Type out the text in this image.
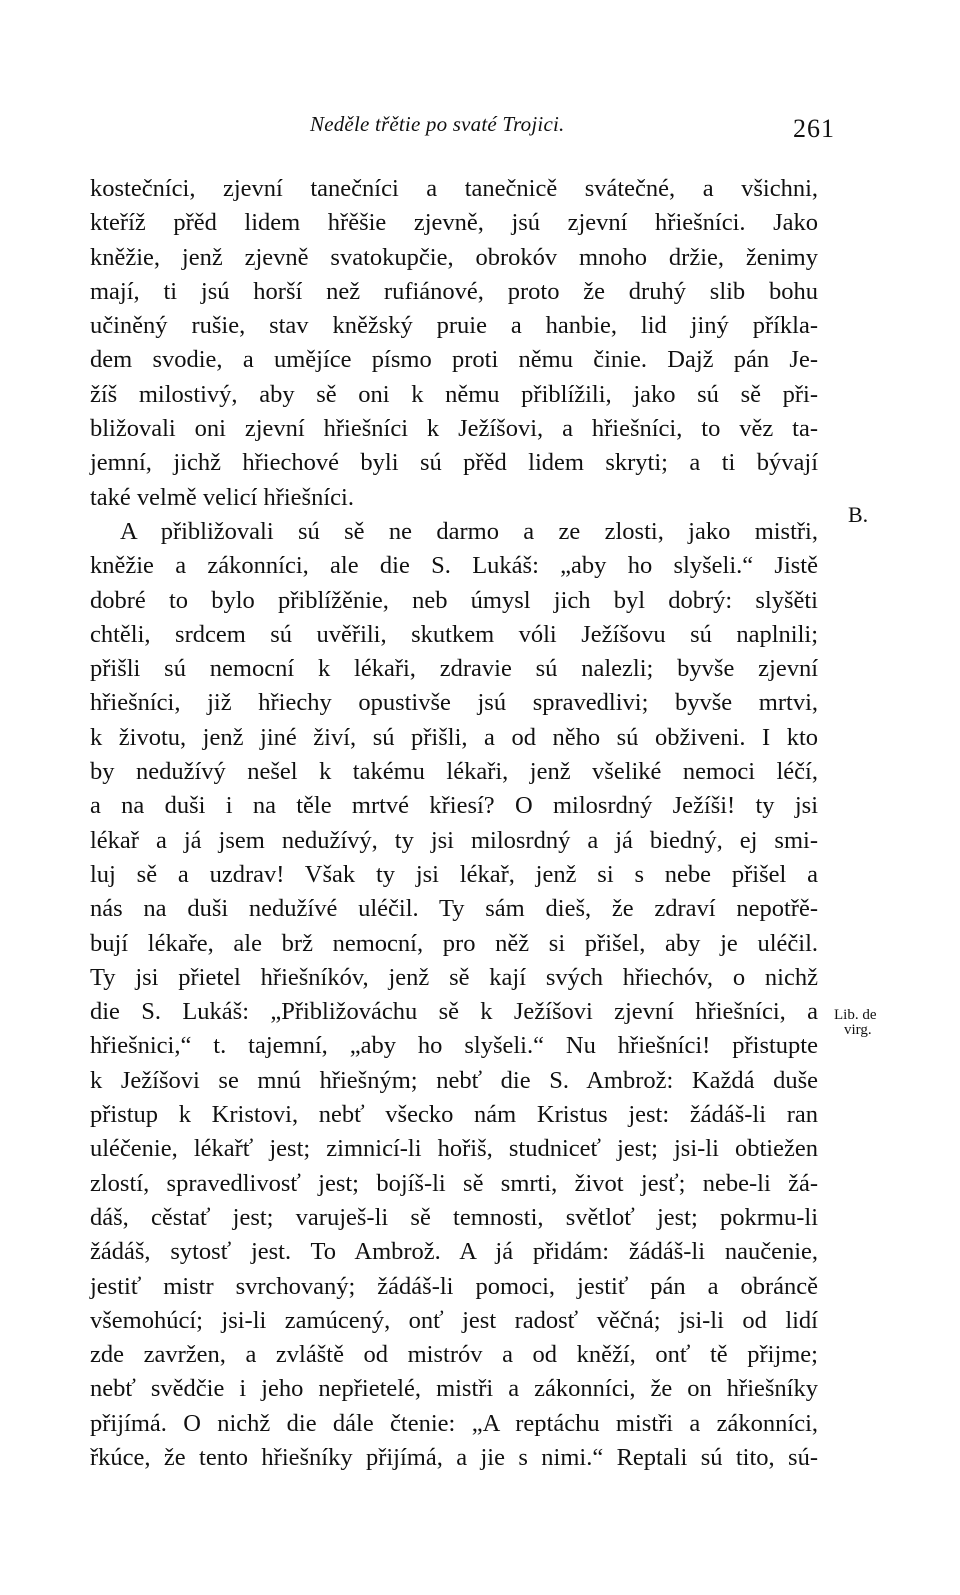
Neděle třětie po svaté Trojici.	261
kostečníci, zjevní tanečníci a tanečnicě svátečné, a všichni,
kteříž přěd lidem hřěšie zjevně, jsú zjevní hřiešníci. Jako
kněžie, jenž zjevně svatokupčie, obrokóv mnoho držie, ženimy
mají, ti jsú horší než rufiánové, proto že druhý slib bohu
učiněný rušie, stav kněžský pruie a hanbie, lid jiný příkla-
dem svodie, a umějíce písmo proti němu činie. Dajž pán Je-
žíš milostivý, aby sě oni k němu přiblížili, jako sú sě při-
bližovali oni zjevní hřiešníci k Ježíšovi, a hřiešníci, to věz ta-
jemní, jichž hřiechové byli sú přěd lidem skryti; a ti bývají
také velmě velicí hřiešníci.
A přibližovali sú sě ne darmo a ze zlosti, jako mistři,
kněžie a zákonníci, ale die S. Lukáš: „aby ho slyšeli.“ Jistě
dobré to bylo přiblížěnie, neb úmysl jich byl dobrý: slyšěti
chtěli, srdcem sú uvěřili, skutkem vóli Ježíšovu sú naplnili;
přišli sú nemocní k lékaři, zdravie sú nalezli; byvše zjevní
hřiešníci, již hřiechy opustivše jsú spravedlivi; byvše mrtvi,
k životu, jenž jiné živí, sú přišli, a od něho sú obživeni. I kto
by nedužívý nešel k takému lékaři, jenž všeliké nemoci léčí,
a na duši i na těle mrtvé křiesí? O milosrdný Ježíši! ty jsi
lékař a já jsem nedužívý, ty jsi milosrdný a já biedný, ej smi-
luj sě a uzdrav! Však ty jsi lékař, jenž si s nebe přišel a
nás na duši nedužívé uléčil. Ty sám dieš, že zdraví nepotřě-
bují lékaře, ale brž nemocní, pro něž si přišel, aby je uléčil.
Ty jsi přietel hřiešníkóv, jenž sě kají svých hřiechóv, o nichž
die S. Lukáš: „Přibližováchu sě k Ježíšovi zjevní hřiešníci, a
hřiešnici,“ t. tajemní, „aby ho slyšeli.“ Nu hřiešníci! přistupte
k Ježíšovi se mnú hřiešným; nebť die S. Ambrož: Každá duše
přistup k Kristovi, nebť všecko nám Kristus jest: žádáš-li ran
uléčenie, lékařť jest; zimnicí-li hořiš, studniceť jest; jsi-li obtiežen
zlostí, spravedlivosť jest; bojíš-li sě smrti, život jesť; nebe-li žá-
dáš, cěstať jest; varuješ-li sě temnosti, světloť jest; pokrmu-li
žádáš, sytosť jest. To Ambrož. A já přidám: žádáš-li naučenie,
jestiť mistr svrchovaný; žádáš-li pomoci, jestiť pán a obráncě
všemohúcí; jsi-li zamúcený, onť jest radosť věčná; jsi-li od lidí
zde zavržen, a zvláště od mistróv a od kněží, onť tě přijme;
nebť svědčie i jeho nepřietelé, mistři a zákonníci, že on hřiešníky
přijímá. O nichž die dále čtenie: „A reptáchu mistři a zákonníci,
řkúce, že tento hřiešníky přijímá, a jie s nimi.“ Reptali sú tito, sú-
B.
Lib. de
virg.
